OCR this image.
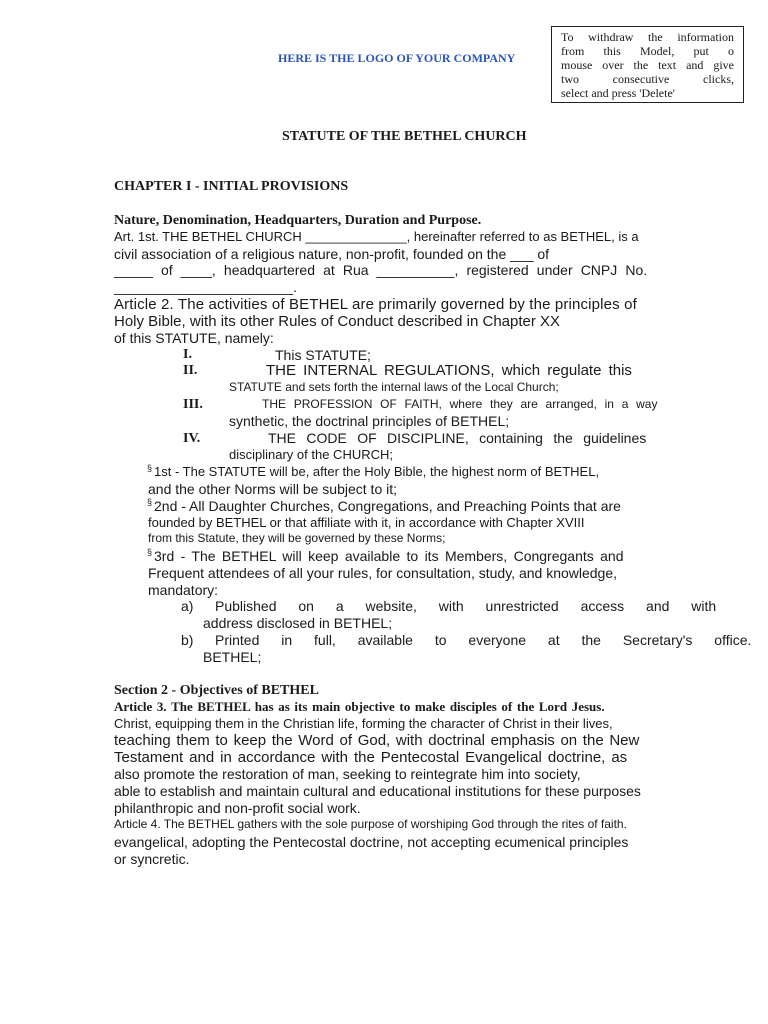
HERE IS THE LOGO OF YOUR COMPANY

To withdraw the information
from this Model, put o
mouse over the text and give
two consecutive clicks,
select and press 'Delete'

STATUTE OF THE BETHEL CHURCH

CHAPTER I - INITIAL PROVISIONS

Nature, Denomination, Headquarters, Duration and Purpose.

Art. 1st. THE BETHEL CHURCH ______________, hereinafter referred to as BETHEL, is a

civil association of a religious nature, non-profit, founded on the ___ of

_____ of ____, headquartered at Rua __________, registered under CNPJ No.

_______________________.

Article 2. The activities of BETHEL are primarily governed by the principles of

Holy Bible, with its other Rules of Conduct described in Chapter XX

of this STATUTE, namely:

I.	This STATUTE;
II.	THE INTERNAL REGULATIONS, which regulate this
STATUTE and sets forth the internal laws of the Local Church;
III.	THE PROFESSION OF FAITH, where they are arranged, in a way
synthetic, the doctrinal principles of BETHEL;
IV.	THE CODE OF DISCIPLINE, containing the guidelines
disciplinary of the CHURCH;
§ 1st - The STATUTE will be, after the Holy Bible, the highest norm of BETHEL,
and the other Norms will be subject to it;
§ 2nd - All Daughter Churches, Congregations, and Preaching Points that are
founded by BETHEL or that affiliate with it, in accordance with Chapter XVIII
from this Statute, they will be governed by these Norms;
§ 3rd - The BETHEL will keep available to its Members, Congregants and
Frequent attendees of all your rules, for consultation, study, and knowledge,
mandatory:
a) Published on a website, with unrestricted access and with
address disclosed in BETHEL;
b) Printed in full, available to everyone at the Secretary's office.
BETHEL;

Section 2 - Objectives of BETHEL

Article 3. The BETHEL has as its main objective to make disciples of the Lord Jesus.

Christ, equipping them in the Christian life, forming the character of Christ in their lives,

teaching them to keep the Word of God, with doctrinal emphasis on the New

Testament and in accordance with the Pentecostal Evangelical doctrine, as

also promote the restoration of man, seeking to reintegrate him into society,

able to establish and maintain cultural and educational institutions for these purposes

philanthropic and non-profit social work.

Article 4. The BETHEL gathers with the sole purpose of worshiping God through the rites of faith.

evangelical, adopting the Pentecostal doctrine, not accepting ecumenical principles

or syncretic.
